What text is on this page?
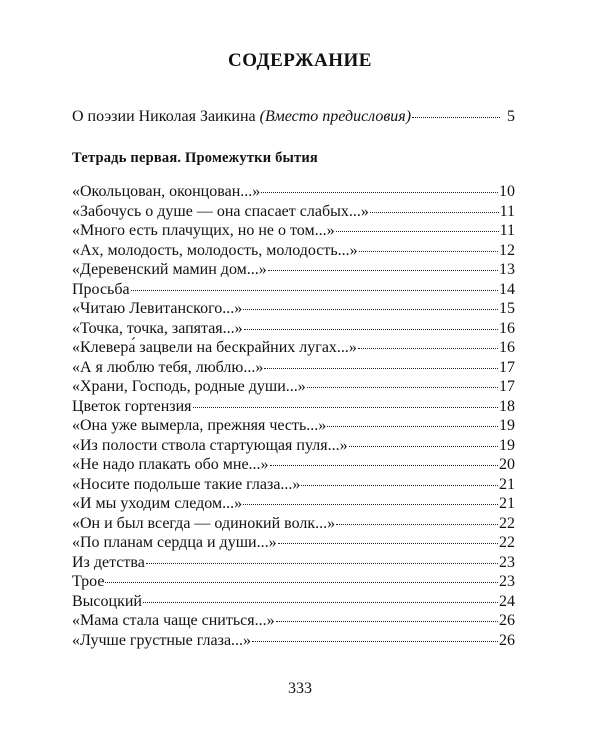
СОДЕРЖАНИЕ
О поэзии Николая Заикина (Вместо предисловия)	5
Тетрадь первая. Промежутки бытия
«Окольцован, оконцован...»	10
«Забочусь о душе — она спасает слабых...»	11
«Много есть плачущих, но не о том...»	11
«Ах, молодость, молодость, молодость...»	12
«Деревенский мамин дом...»	13
Просьба	14
«Читаю Левитанского...»	15
«Точка, точка, запятая...»	16
«Клевера́ зацвели на бескрайних лугах...»	16
«А я люблю тебя, люблю...»	17
«Храни, Господь, родные души...»	17
Цветок гортензия	18
«Она уже вымерла, прежняя честь...»	19
«Из полости ствола стартующая пуля...»	19
«Не надо плакать обо мне...»	20
«Носите подольше такие глаза...»	21
«И мы уходим следом...»	21
«Он и был всегда — одинокий волк...»	22
«По планам сердца и души...»	22
Из детства	23
Трое	23
Высоцкий	24
«Мама стала чаще сниться...»	26
«Лучше грустные глаза...»	26
333
